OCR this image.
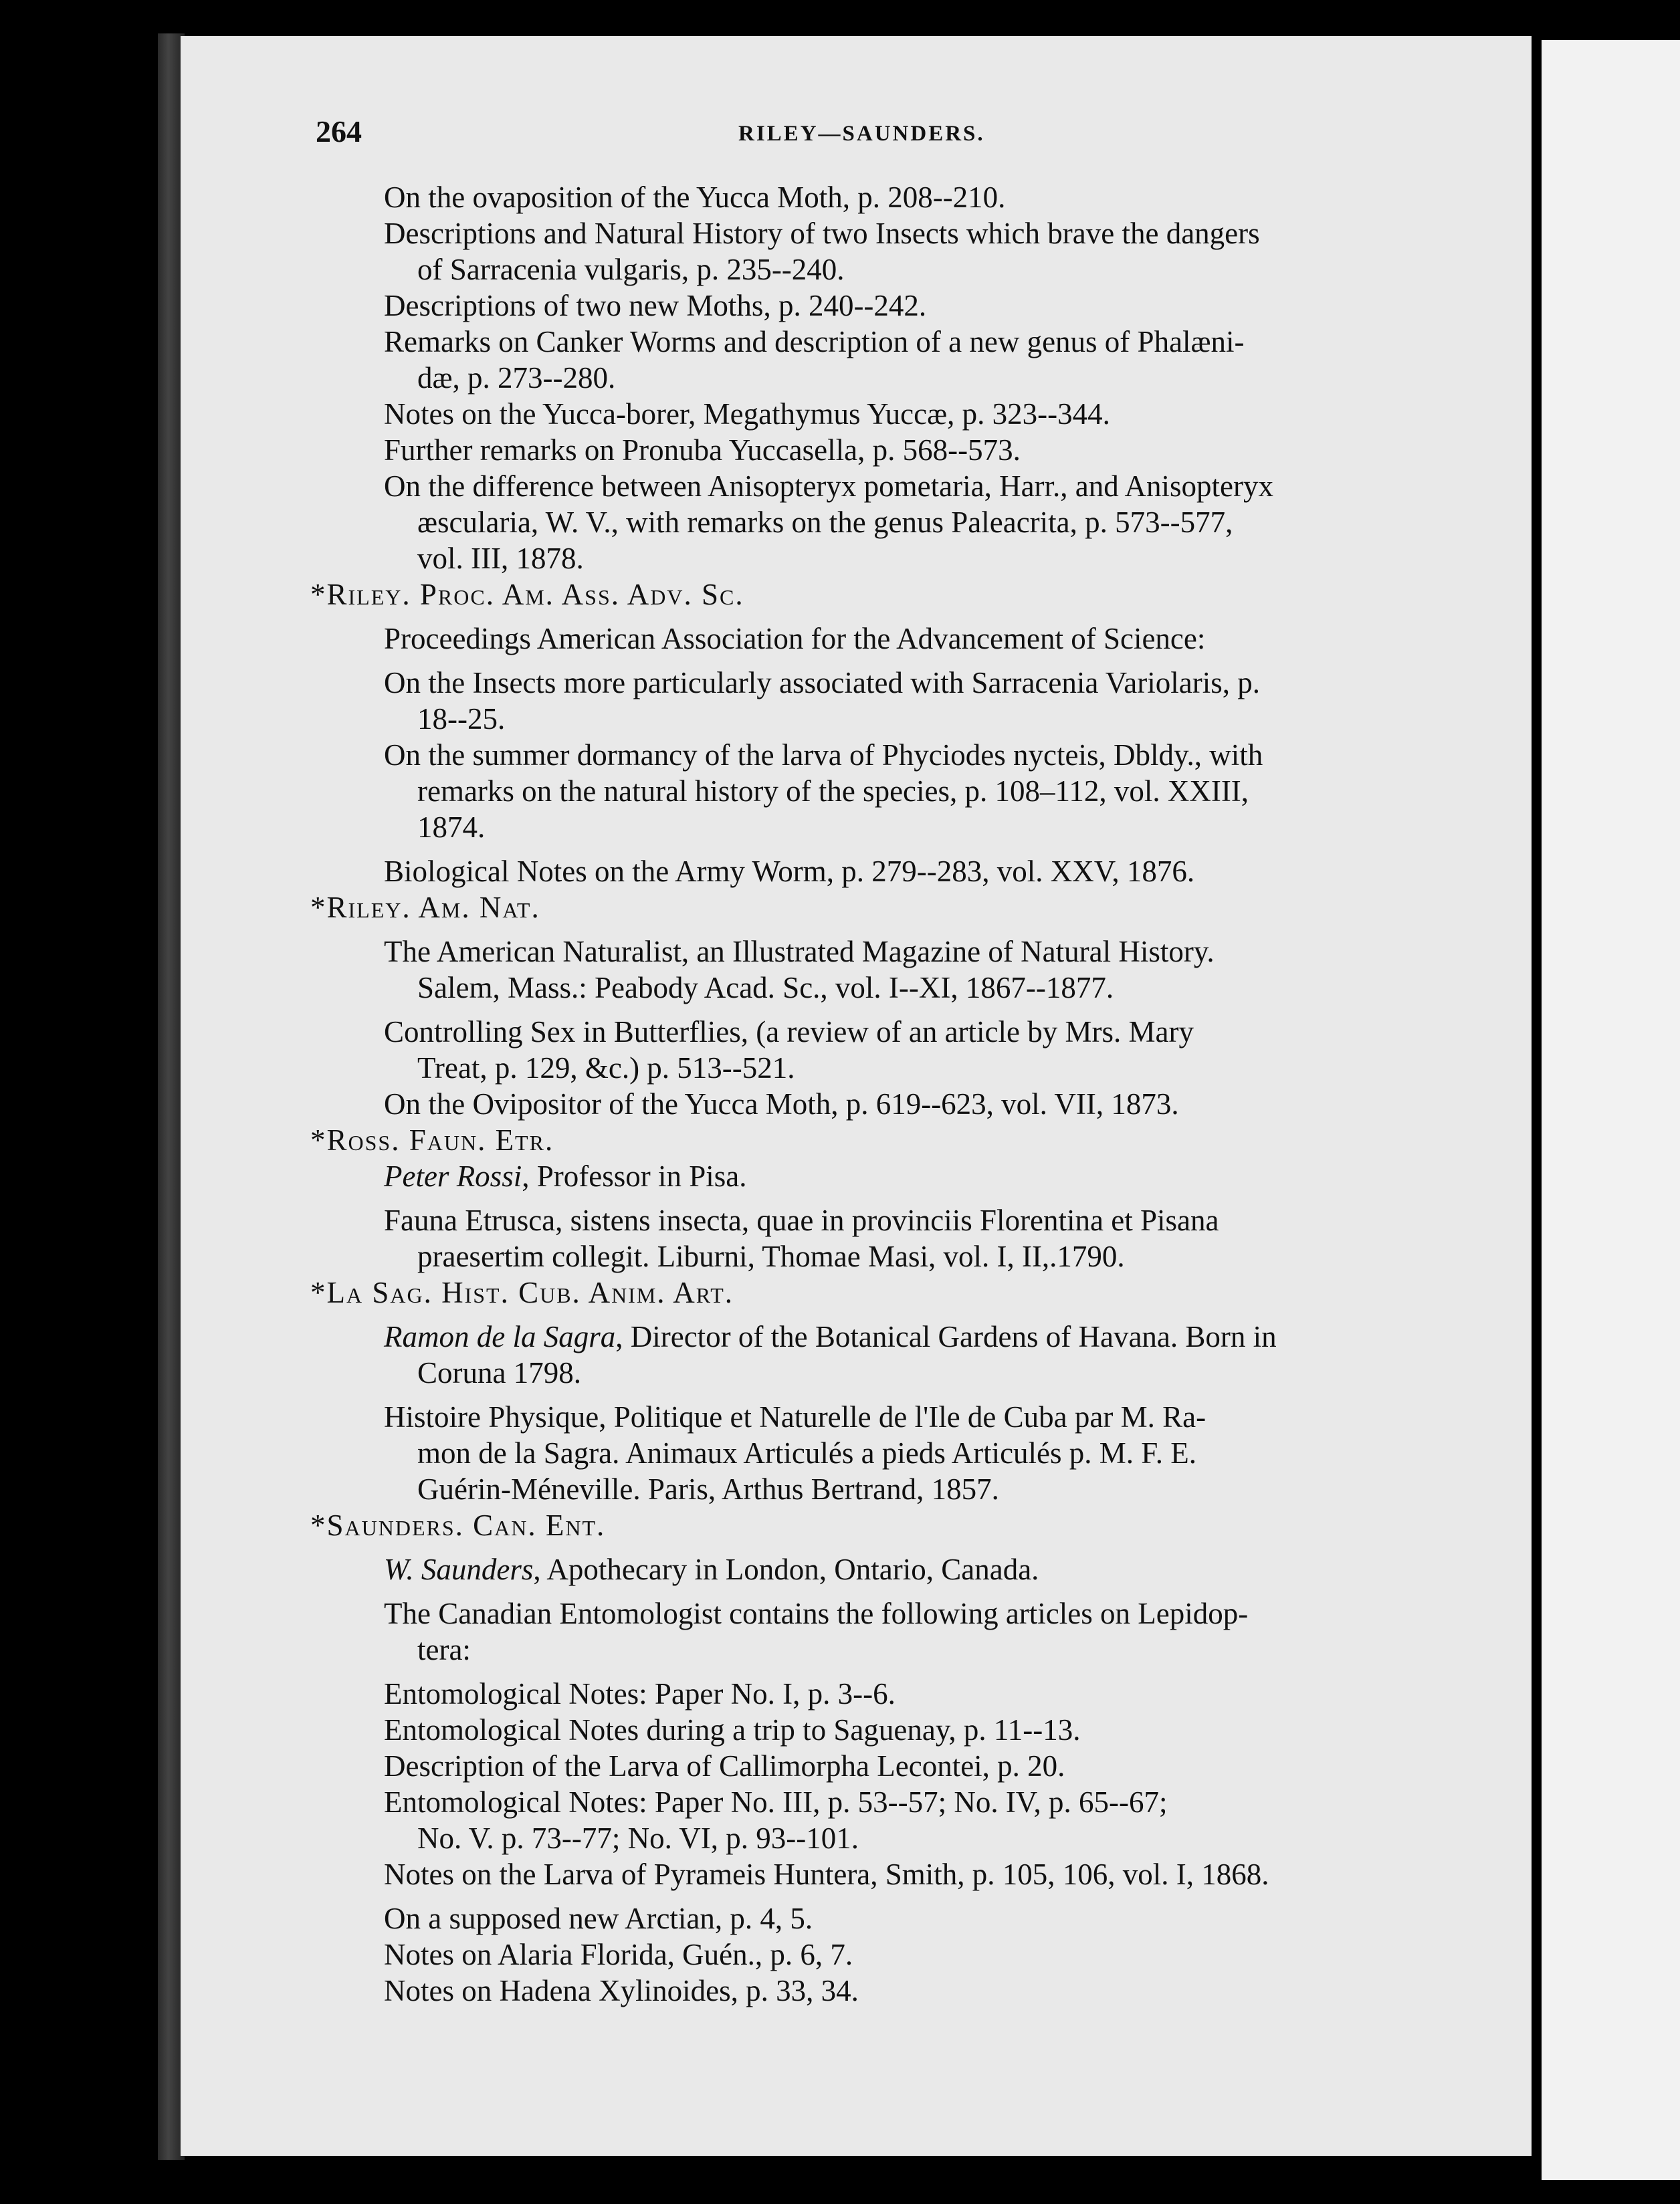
264	RILEY—SAUNDERS.
On the ovaposition of the Yucca Moth, p. 208--210.
Descriptions and Natural History of two Insects which brave the dangers
of Sarracenia vulgaris, p. 235--240.
Descriptions of two new Moths, p. 240--242.
Remarks on Canker Worms and description of a new genus of Phalæni-
dæ, p. 273--280.
Notes on the Yucca-borer, Megathymus Yuccæ, p. 323--344.
Further remarks on Pronuba Yuccasella, p. 568--573.
On the difference between Anisopteryx pometaria, Harr., and Anisopteryx
æscularia, W. V., with remarks on the genus Paleacrita, p. 573--577,
vol. III, 1878.
*Riley. Proc. Am. Ass. Adv. Sc.
Proceedings American Association for the Advancement of Science:
On the Insects more particularly associated with Sarracenia Variolaris, p.
18--25.
On the summer dormancy of the larva of Phyciodes nycteis, Dbldy., with
remarks on the natural history of the species, p. 108–112, vol. XXIII,
1874.
Biological Notes on the Army Worm, p. 279--283, vol. XXV, 1876.
*Riley. Am. Nat.
The American Naturalist, an Illustrated Magazine of Natural History.
Salem, Mass.: Peabody Acad. Sc., vol. I--XI, 1867--1877.
Controlling Sex in Butterflies, (a review of an article by Mrs. Mary
Treat, p. 129, &c.) p. 513--521.
On the Ovipositor of the Yucca Moth, p. 619--623, vol. VII, 1873.
*Ross. Faun. Etr.
Peter Rossi, Professor in Pisa.
Fauna Etrusca, sistens insecta, quae in provinciis Florentina et Pisana
praesertim collegit. Liburni, Thomae Masi, vol. I, II,.1790.
*La Sag. Hist. Cub. Anim. Art.
Ramon de la Sagra, Director of the Botanical Gardens of Havana. Born in
Coruna 1798.
Histoire Physique, Politique et Naturelle de l'Ile de Cuba par M. Ra-
mon de la Sagra. Animaux Articulés a pieds Articulés p. M. F. E.
Guérin-Méneville. Paris, Arthus Bertrand, 1857.
*Saunders. Can. Ent.
W. Saunders, Apothecary in London, Ontario, Canada.
The Canadian Entomologist contains the following articles on Lepidop-
tera:
Entomological Notes: Paper No. I, p. 3--6.
Entomological Notes during a trip to Saguenay, p. 11--13.
Description of the Larva of Callimorpha Lecontei, p. 20.
Entomological Notes: Paper No. III, p. 53--57; No. IV, p. 65--67;
No. V. p. 73--77; No. VI, p. 93--101.
Notes on the Larva of Pyrameis Huntera, Smith, p. 105, 106, vol. I, 1868.
On a supposed new Arctian, p. 4, 5.
Notes on Alaria Florida, Guén., p. 6, 7.
Notes on Hadena Xylinoides, p. 33, 34.
